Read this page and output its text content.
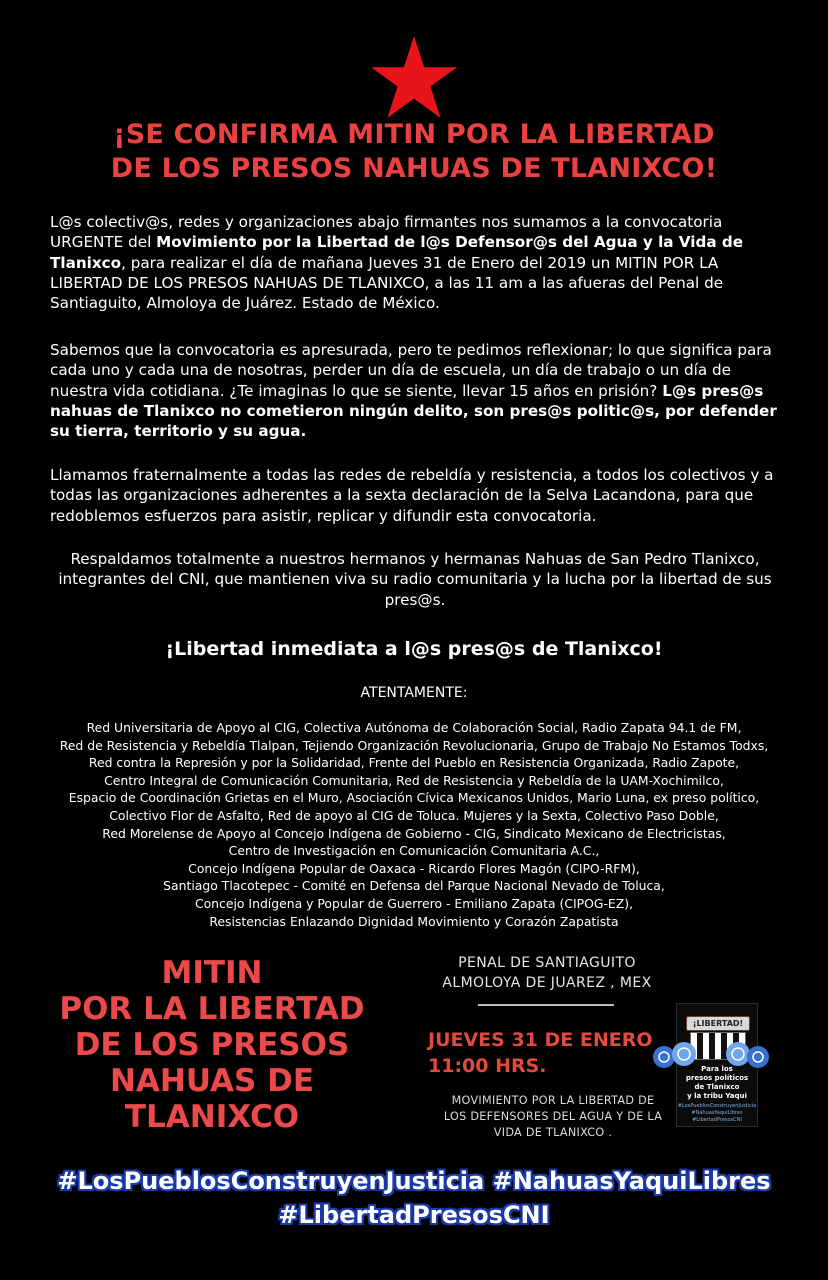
¡SE CONFIRMA MITIN POR LA LIBERTAD
DE LOS PRESOS NAHUAS DE TLANIXCO!
L@s colectiv@s, redes y organizaciones abajo firmantes nos sumamos a la convocatoria URGENTE del Movimiento por la Libertad de l@s Defensor@s del Agua y la Vida de Tlanixco, para realizar el día de mañana Jueves 31 de Enero del 2019 un MITIN POR LA LIBERTAD DE LOS PRESOS NAHUAS DE TLANIXCO, a las 11 am a las afueras del Penal de Santiaguito, Almoloya de Juárez. Estado de México.
Sabemos que la convocatoria es apresurada, pero te pedimos reflexionar; lo que significa para cada uno y cada una de nosotras, perder un día de escuela, un día de trabajo o un día de nuestra vida cotidiana. ¿Te imaginas lo que se siente, llevar 15 años en prisión? L@s pres@s nahuas de Tlanixco no cometieron ningún delito, son pres@s politic@s, por defender su tierra, territorio y su agua.
Llamamos fraternalmente a todas las redes de rebeldía y resistencia, a todos los colectivos y a todas las organizaciones adherentes a la sexta declaración de la Selva Lacandona, para que redoblemos esfuerzos para asistir, replicar y difundir esta convocatoria.
Respaldamos totalmente a nuestros hermanos y hermanas Nahuas de San Pedro Tlanixco, integrantes del CNI, que mantienen viva su radio comunitaria y la lucha por la libertad de sus pres@s.
¡Libertad inmediata a l@s pres@s de Tlanixco!
ATENTAMENTE:
Red Universitaria de Apoyo al CIG, Colectiva Autónoma de Colaboración Social, Radio Zapata 94.1 de FM,
Red de Resistencia y Rebeldía Tlalpan, Tejiendo Organización Revolucionaria, Grupo de Trabajo No Estamos Todxs,
Red contra la Represión y por la Solidaridad, Frente del Pueblo en Resistencia Organizada, Radio Zapote,
Centro Integral de Comunicación Comunitaria, Red de Resistencia y Rebeldía de la UAM-Xochimilco,
Espacio de Coordinación Grietas en el Muro, Asociación Cívica Mexicanos Unidos, Mario Luna, ex preso político,
Colectivo Flor de Asfalto, Red de apoyo al CIG de Toluca. Mujeres y la Sexta, Colectivo Paso Doble,
Red Morelense de Apoyo al Concejo Indígena de Gobierno - CIG, Sindicato Mexicano de Electricistas,
Centro de Investigación en Comunicación Comunitaria A.C.,
Concejo Indígena Popular de Oaxaca - Ricardo Flores Magón (CIPO-RFM),
Santiago Tlacotepec - Comité en Defensa del Parque Nacional Nevado de Toluca,
Concejo Indígena y Popular de Guerrero - Emiliano Zapata (CIPOG-EZ),
Resistencias Enlazando Dignidad Movimiento y Corazón Zapatista
MITIN
POR LA LIBERTAD
DE LOS PRESOS
NAHUAS DE
TLANIXCO
PENAL DE SANTIAGUITO
ALMOLOYA DE JUAREZ , MEX
JUEVES 31 DE ENERO
11:00 HRS.
MOVIMIENTO POR LA LIBERTAD DE
LOS DEFENSORES DEL AGUA Y DE LA
VIDA DE TLANIXCO .
¡LIBERTAD!
Para los
presos políticos
de Tlanixco
y la tribu Yaqui
#LosPueblosConstruyenJusticia
#NahuasYaquiLibres
#LibertadPresosCNI
#LosPueblosConstruyenJusticia #NahuasYaquiLibres
#LibertadPresosCNI
